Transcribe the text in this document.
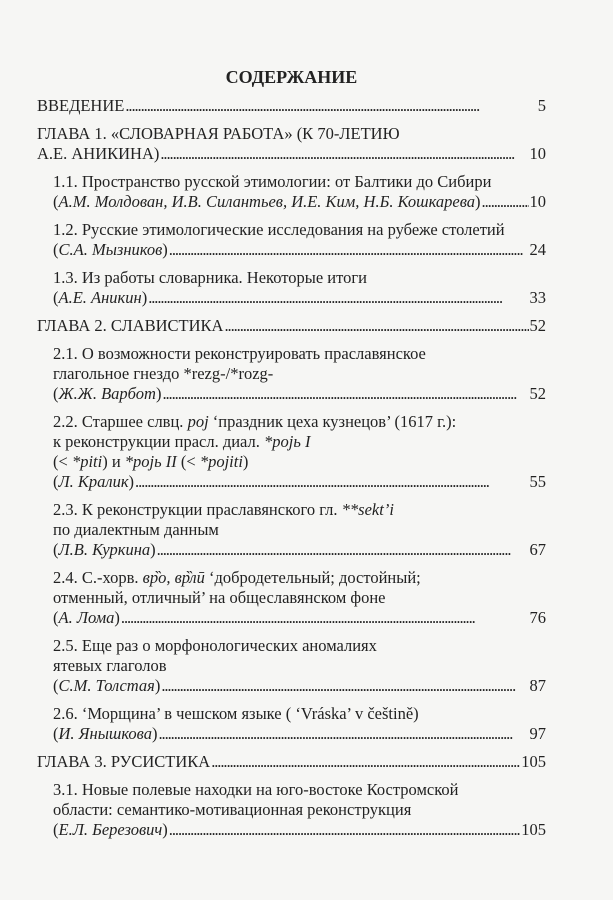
СОДЕРЖАНИЕ
ВВЕДЕНИЕ . . .	5
ГЛАВА 1. «СЛОВАРНАЯ РАБОТА» (К 70-ЛЕТИЮ
А.Е. АНИКИНА) . . .	10
1.1. Пространство русской этимологии: от Балтики до Сибири
(А.М. Молдован, И.В. Силантьев, И.Е. Ким, Н.Б. Кошкарева) . . .	10
1.2. Русские этимологические исследования на рубеже столетий
(С.А. Мызников) . . .	24
1.3. Из работы словарника. Некоторые итоги
(А.Е. Аникин) . . .	33
ГЛАВА 2. СЛАВИСТИКА . . .	52
2.1. О возможности реконструировать праславянское
глагольное гнездо *rezg-/*rozg-
(Ж.Ж. Варбот) . . .	52
2.2. Старшее слвц. poj ‘праздник цеха кузнецов’ (1617 г.):
к реконструкции прасл. диал. *pojь I
(< *piti) и *pojь II (< *pojiti)
(Л. Кралик) . . .	55
2.3. К реконструкции праславянского гл. **sekt’i
по диалектным данным
(Л.В. Куркина) . . .	67
2.4. С.-хорв. вр̏о, вр̏лӣ ‘добродетельный; достойный;
отменный, отличный’ на общеславянском фоне
(А. Лома) . . .	76
2.5. Еще раз о морфонологических аномалиях
ятевых глаголов
(С.М. Толстая) . . .	87
2.6. ‘Морщина’ в чешском языке ( ‘Vráska’ v češtině)
(И. Янышкова) . . .	97
ГЛАВА 3. РУСИСТИКА . . .	105
3.1. Новые полевые находки на юго-востоке Костромской
области: семантико-мотивационная реконструкция
(Е.Л. Березович) . . .	105
